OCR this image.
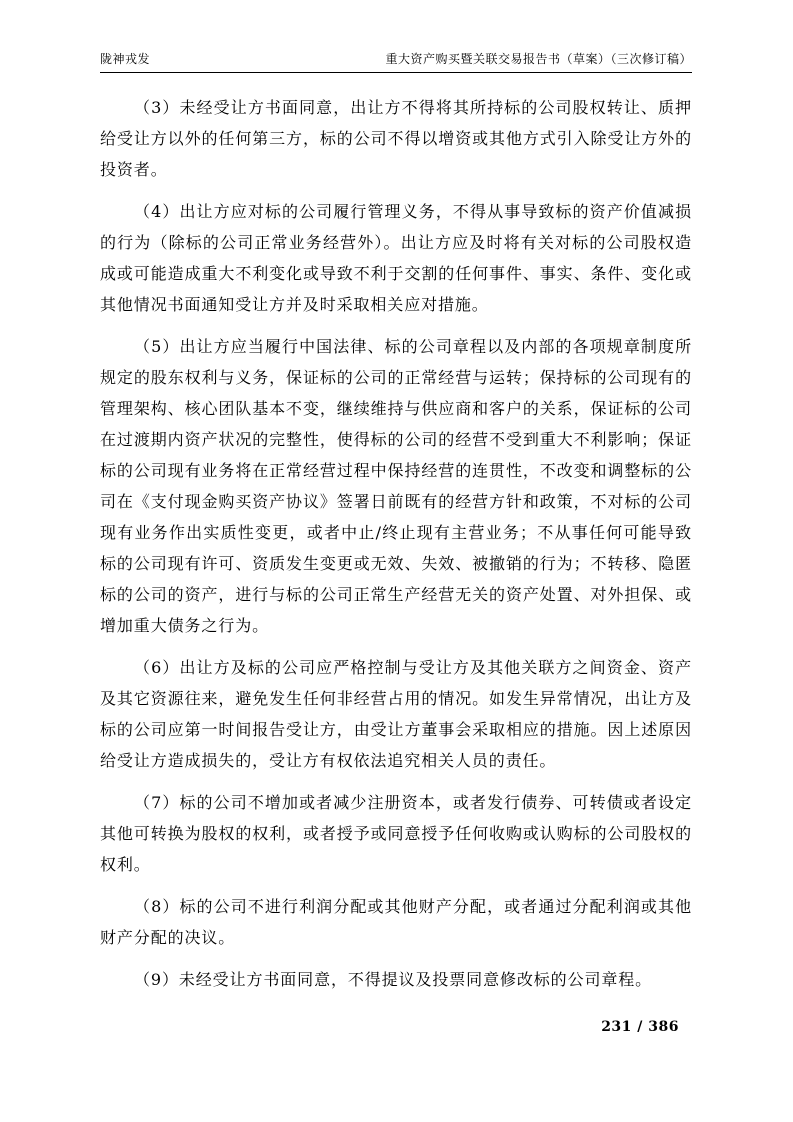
陇神戎发	重大资产购买暨关联交易报告书（草案）（三次修订稿）

（3）未经受让方书面同意，出让方不得将其所持标的公司股权转让、质押给受让方以外的任何第三方，标的公司不得以增资或其他方式引入除受让方外的投资者。

（4）出让方应对标的公司履行管理义务，不得从事导致标的资产价值减损的行为（除标的公司正常业务经营外）。出让方应及时将有关对标的公司股权造成或可能造成重大不利变化或导致不利于交割的任何事件、事实、条件、变化或其他情况书面通知受让方并及时采取相关应对措施。

（5）出让方应当履行中国法律、标的公司章程以及内部的各项规章制度所规定的股东权利与义务，保证标的公司的正常经营与运转；保持标的公司现有的管理架构、核心团队基本不变，继续维持与供应商和客户的关系，保证标的公司在过渡期内资产状况的完整性，使得标的公司的经营不受到重大不利影响；保证标的公司现有业务将在正常经营过程中保持经营的连贯性，不改变和调整标的公司在《支付现金购买资产协议》签署日前既有的经营方针和政策，不对标的公司现有业务作出实质性变更，或者中止/终止现有主营业务；不从事任何可能导致标的公司现有许可、资质发生变更或无效、失效、被撤销的行为；不转移、隐匿标的公司的资产，进行与标的公司正常生产经营无关的资产处置、对外担保、或增加重大债务之行为。

（6）出让方及标的公司应严格控制与受让方及其他关联方之间资金、资产及其它资源往来，避免发生任何非经营占用的情况。如发生异常情况，出让方及标的公司应第一时间报告受让方，由受让方董事会采取相应的措施。因上述原因给受让方造成损失的，受让方有权依法追究相关人员的责任。

（7）标的公司不增加或者减少注册资本，或者发行债券、可转债或者设定其他可转换为股权的权利，或者授予或同意授予任何收购或认购标的公司股权的权利。

（8）标的公司不进行利润分配或其他财产分配，或者通过分配利润或其他财产分配的决议。

（9）未经受让方书面同意，不得提议及投票同意修改标的公司章程。

231 / 386
